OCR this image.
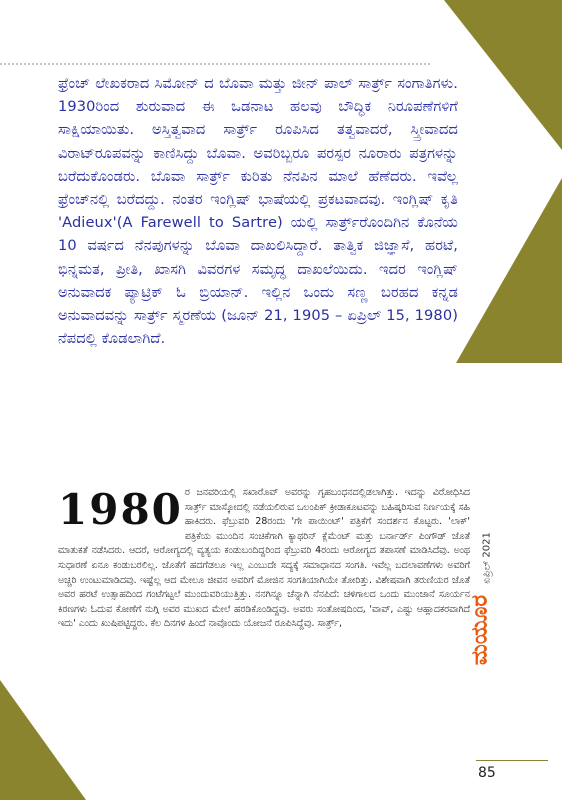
ಫ್ರೆಂಚ್ ಲೇಖಕರಾದ ಸಿಮೋನ್ ದ ಬೊವಾ ಮತ್ತು ಜೀನ್ ಪಾಲ್ ಸಾರ್ತ್ರ್ ಸಂಗಾತಿಗಳು. 1930ರಿಂದ ಶುರುವಾದ ಈ ಒಡನಾಟ ಹಲವು ಬೌದ್ಧಿಕ ನಿರೂಪಣೆಗಳಿಗೆ ಸಾಕ್ಷಿಯಾಯಿತು. ಅಸ್ತಿತ್ವವಾದ ಸಾರ್ತ್ರ್ ರೂಪಿಸಿದ ತತ್ವವಾದರೆ, ಸ್ತ್ರೀವಾದದ ವಿರಾಟ್‌ರೂಪವನ್ನು ಕಾಣಿಸಿದ್ದು ಬೊವಾ. ಅವರಿಬ್ಬರೂ ಪರಸ್ಪರ ನೂರಾರು ಪತ್ರಗಳನ್ನು ಬರೆದುಕೊಂಡರು. ಬೊವಾ ಸಾರ್ತ್ರ್ ಕುರಿತು ನೆನಪಿನ ಮಾಲೆ ಹೆಣೆದರು. ಇವೆಲ್ಲ ಫ್ರೆಂಚ್‌ನಲ್ಲಿ ಬರೆದದ್ದು. ನಂತರ ಇಂಗ್ಲಿಷ್ ಭಾಷೆಯಲ್ಲಿ ಪ್ರಕಟವಾದವು. ಇಂಗ್ಲಿಷ್ ಕೃತಿ 'Adieux'(A Farewell to Sartre) ಯಲ್ಲಿ ಸಾರ್ತ್ರ್‌ರೊಂದಿಗಿನ ಕೊನೆಯ 10 ವರ್ಷದ ನೆನಪುಗಳನ್ನು ಬೊವಾ ದಾಖಲಿಸಿದ್ದಾರೆ. ತಾತ್ವಿಕ ಜಿಜ್ಞಾಸೆ, ಹರಟೆ, ಭಿನ್ನಮತ, ಪ್ರೀತಿ, ಖಾಸಗಿ ವಿವರಗಳ ಸಮೃದ್ಧ ದಾಖಲೆಯಿದು. ಇದರ ಇಂಗ್ಲಿಷ್ ಅನುವಾದಕ ಪ್ಯಾಟ್ರಿಕ್ ಓ ಬ್ರಿಯಾನ್. ಇಲ್ಲಿನ ಒಂದು ಸಣ್ಣ ಬರಹದ ಕನ್ನಡ ಅನುವಾದವನ್ನು ಸಾರ್ತ್ರ್ ಸ್ಮರಣೆಯ (ಜೂನ್ 21, 1905 – ಏಪ್ರಿಲ್ 15, 1980) ನೆಪದಲ್ಲಿ ಕೊಡಲಾಗಿದೆ.

1980 ರ ಜನವರಿಯಲ್ಲಿ ಸಖಾರೊವ್ ಅವರನ್ನು ಗೃಹಬಂಧನದಲ್ಲಿಡಲಾಗಿತ್ತು. ಇದನ್ನು ವಿರೋಧಿಸಿದ ಸಾರ್ತ್ರ್ ಮಾಸ್ಕೋದಲ್ಲಿ ನಡೆಯಲಿರುವ ಒಲಂಪಿಕ್ ಕ್ರೀಡಾಕೂಟವನ್ನು ಬಹಿಷ್ಕರಿಸುವ ನಿರ್ಣಯಕ್ಕೆ ಸಹಿ ಹಾಕಿದರು. ಫೆಬ್ರುವರಿ 28ರಂದು 'ಗೇ ಪಾಯಿಂಟ್' ಪತ್ರಿಕೆಗೆ ಸಂದರ್ಶನ ಕೊಟ್ಟರು. 'ಲಾಕ್' ಪತ್ರಿಕೆಯ ಮುಂದಿನ ಸಂಚಿಕೆಗಾಗಿ ಕ್ಯಾಥರಿನ್ ಕ್ಲೆಮೆಂಟ್ ಮತ್ತು ಬರ್ನಾರ್ಡ್ ಪಿಂಗೌಡ್ ಜೊತೆ ಮಾತುಕತೆ ನಡೆಸಿದರು. ಆದರೆ, ಆರೋಗ್ಯದಲ್ಲಿ ವ್ಯತ್ಯಯ ಕಂಡುಬಂದಿದ್ದರಿಂದ ಫೆಬ್ರುವರಿ 4ರಂದು ಆರೋಗ್ಯದ ತಪಾಸಣೆ ಮಾಡಿಸಿದೆವು. ಅಂಥ ಸುಧಾರಣೆ ಏನೂ ಕಂಡುಬರಲಿಲ್ಲ. ಜೊತೆಗೆ ಹದಗೆಡಲೂ ಇಲ್ಲ ಎಂಬುದೇ ಸದ್ಯಕ್ಕೆ ಸಮಾಧಾನದ ಸಂಗತಿ. ಇವೆಲ್ಲ ಬದಲಾವಣೆಗಳು ಅವರಿಗೆ ಅಚ್ಚರಿ ಉಂಟುಮಾಡಿದವು. ಇಷ್ಟೆಲ್ಲ ಆದ ಮೇಲೂ ಜೀವನ ಅವರಿಗೆ ಮೋಜಿನ ಸಂಗತಿಯಾಗಿಯೇ ತೋರಿತ್ತು. ವಿಶೇಷವಾಗಿ ತರುಣಿಯರ ಜೊತೆ ಅವರ ಹರಟೆ ಉತ್ಸಾಹದಿಂದ ಗಂಟೆಗಟ್ಟಲೆ ಮುಂದುವರಿಯುತ್ತಿತ್ತು. ನನಗಿನ್ನೂ ಚೆನ್ನಾಗಿ ನೆನಪಿದೆ: ಚಳಿಗಾಲದ ಒಂದು ಮುಂಜಾನೆ ಸೂರ್ಯನ ಕಿರಣಗಳು ಓದುವ ಕೋಣೆಗೆ ನುಗ್ಗಿ ಅವರ ಮುಖದ ಮೇಲೆ ಹರಡಿಕೊಂಡಿದ್ದವು. ಅವರು ಸಂತೋಷದಿಂದ, 'ವಾವ್, ಎಷ್ಟು ಆಹ್ಲಾದಕರವಾಗಿದೆ ಇದು' ಎಂದು ಖುಷಿಪಟ್ಟಿದ್ದರು. ಕೆಲ ದಿನಗಳ ಹಿಂದೆ ನಾವೊಂದು ಯೋಜನೆ ರೂಪಿಸಿದ್ದೆವು. ಸಾರ್ತ್ರ್,	ಮಯೂರ
ಏಪ್ರಿಲ್ 2021
85
